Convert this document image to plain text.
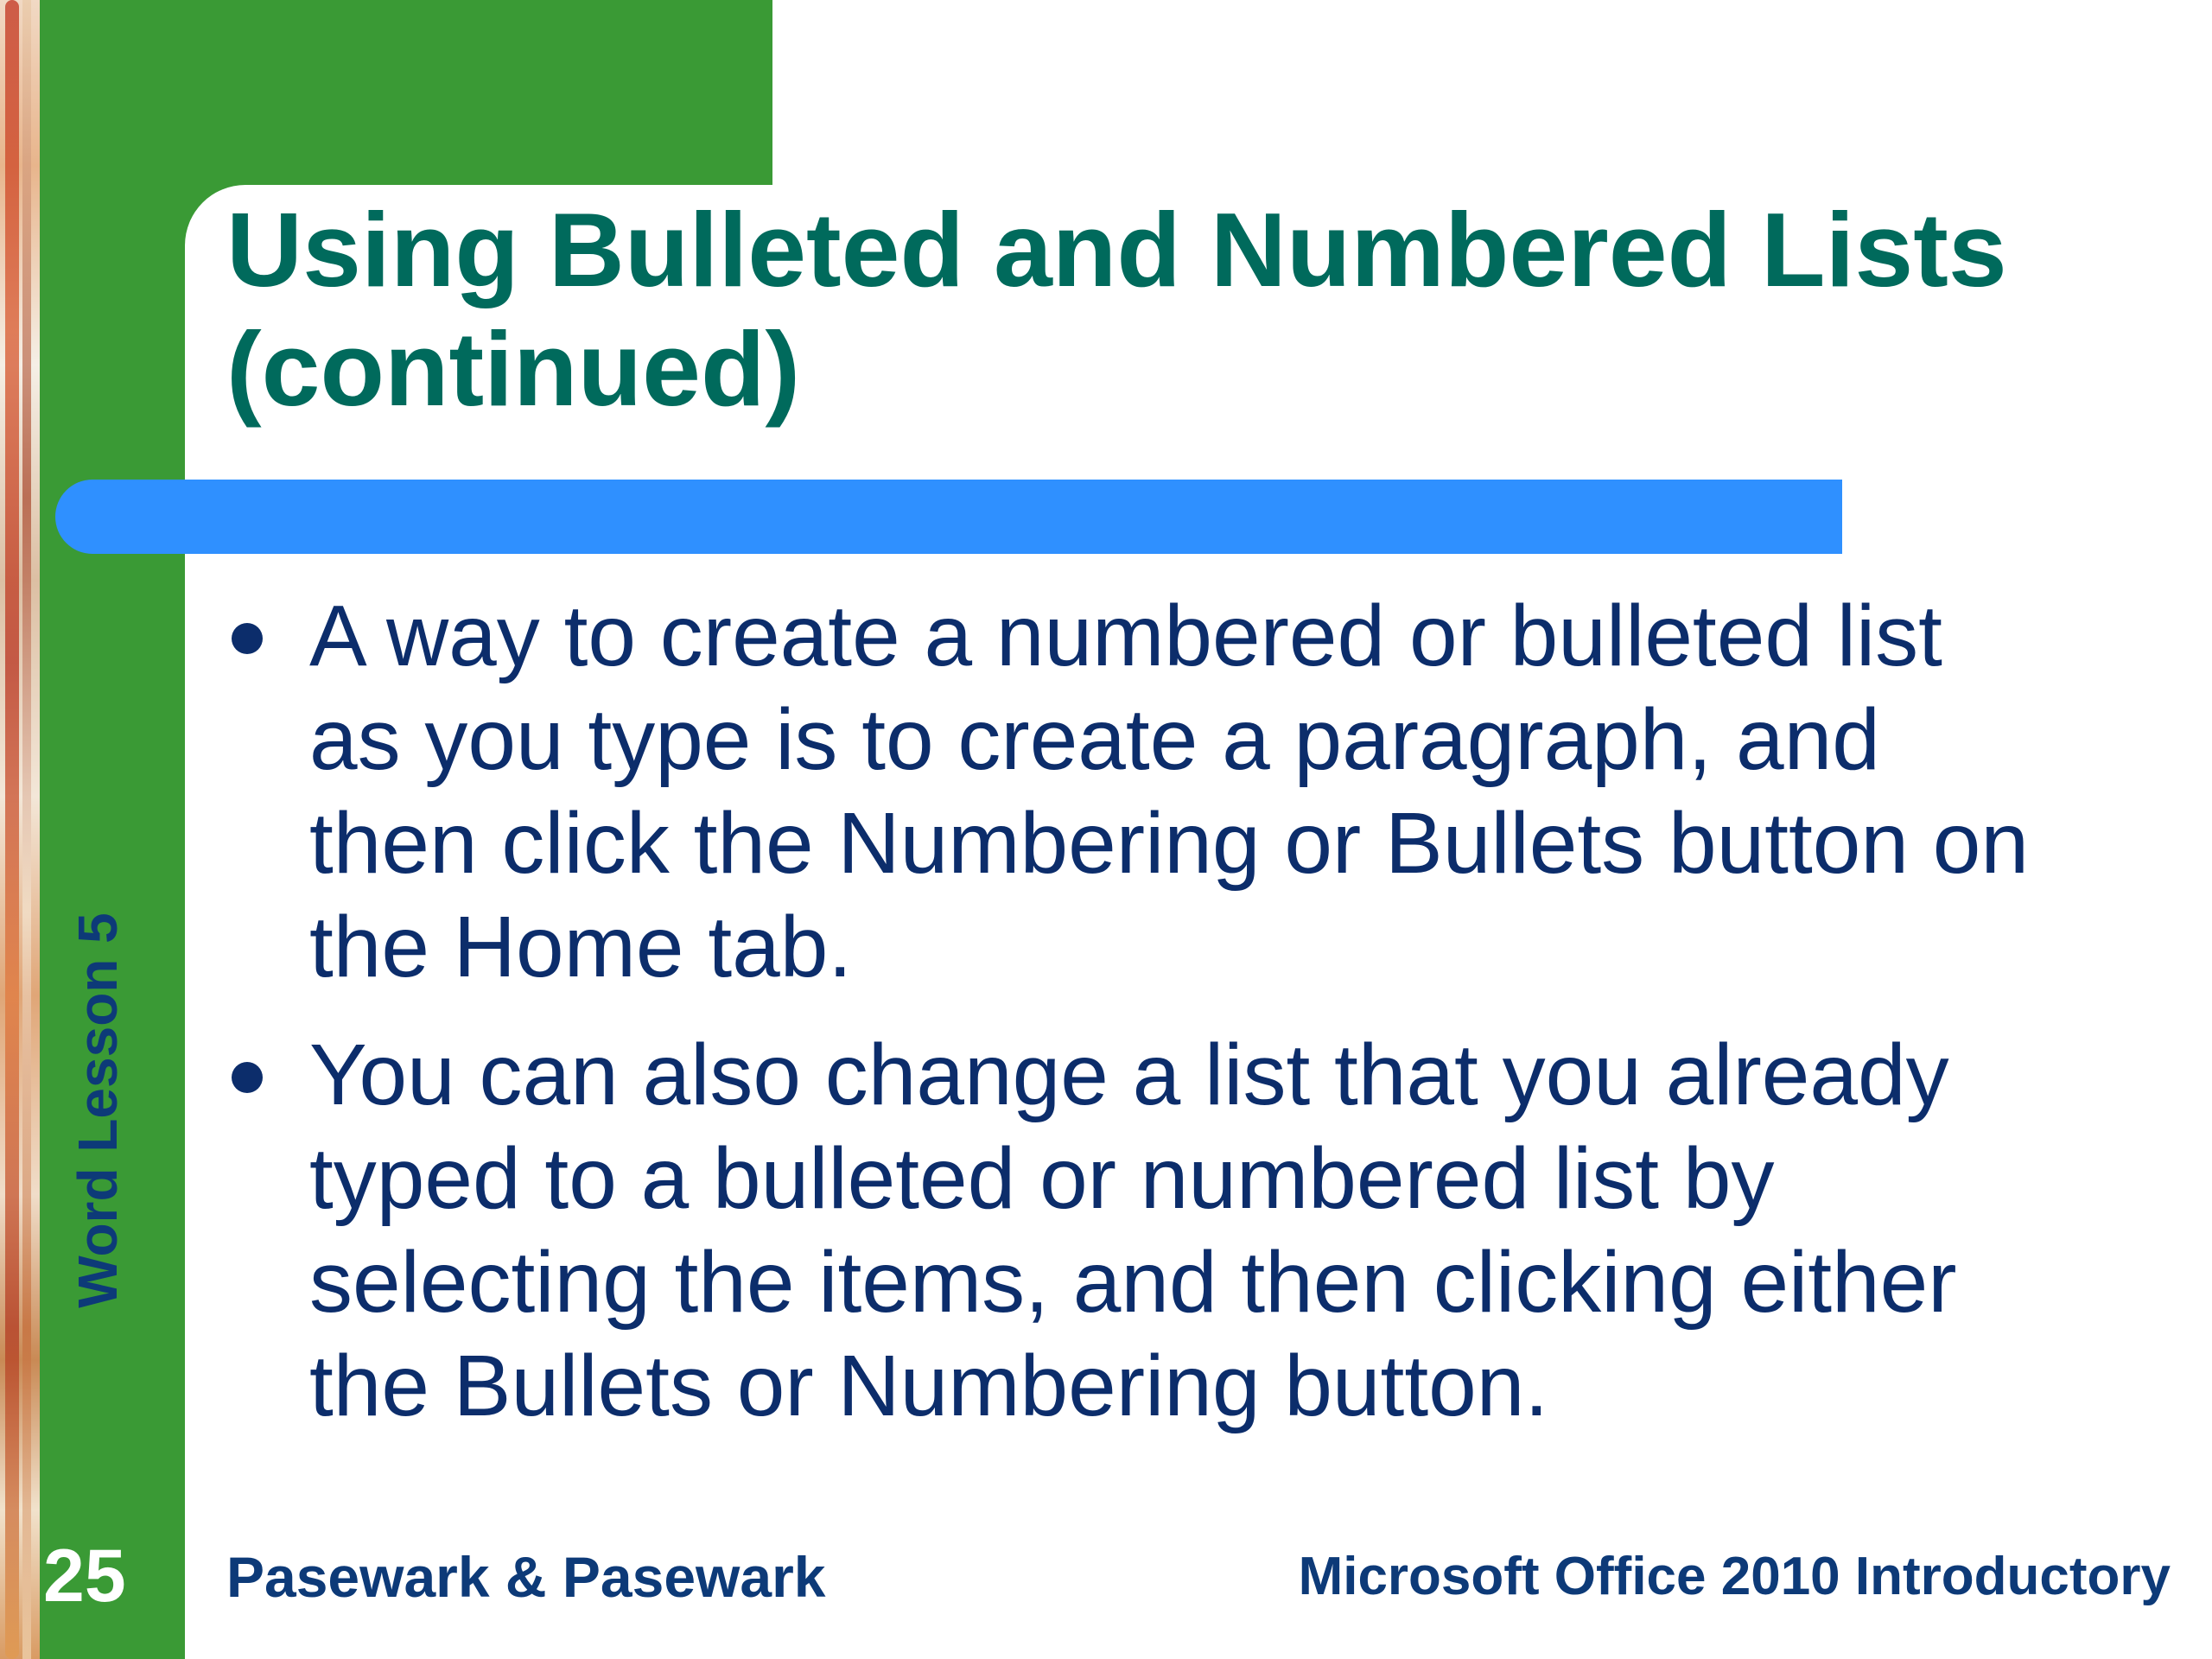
Using Bulleted and Numbered Lists
(continued)
A way to create a numbered or bulleted list
as you type is to create a paragraph, and
then click the Numbering or Bullets button on
the Home tab.
You can also change a list that you already
typed to a bulleted or numbered list by
selecting the items, and then clicking either
the Bullets or Numbering button.
Word Lesson 5
25 Pasewark & Pasewark	Microsoft Office 2010 Introductory
